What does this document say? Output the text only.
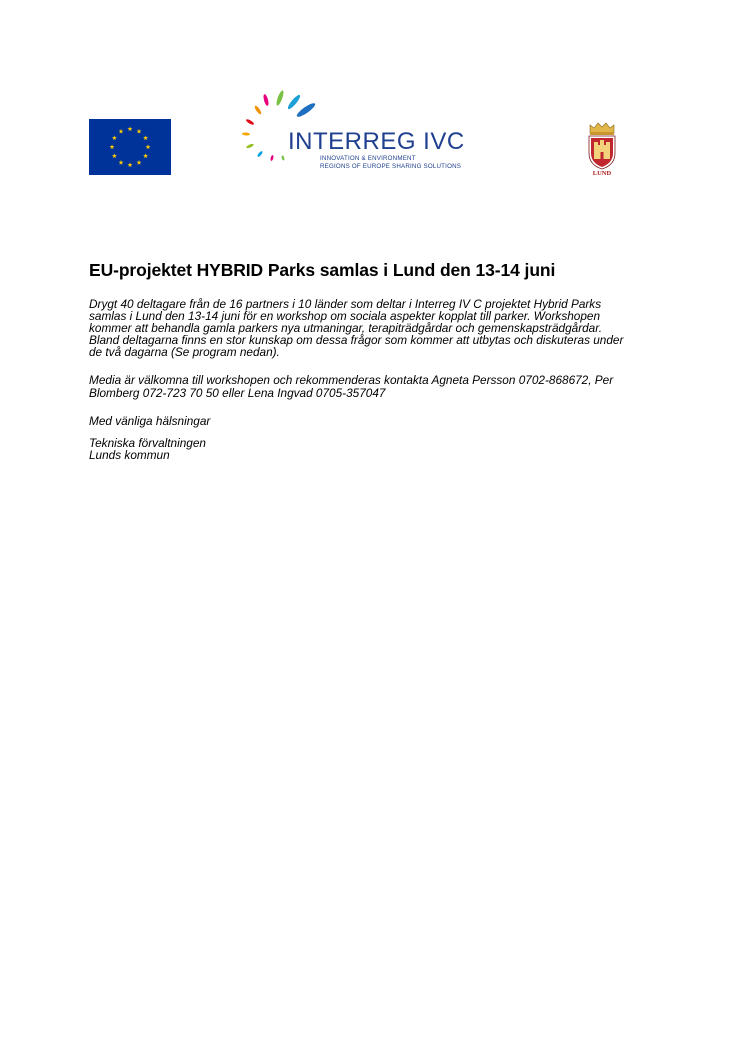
INTERREG IVC
INNOVATION & ENVIRONMENT
REGIONS OF EUROPE SHARING SOLUTIONS
LUND
EU-projektet HYBRID Parks samlas i Lund den 13-14 juni

Drygt 40 deltagare från de 16 partners i 10 länder som deltar i Interreg IV C projektet Hybrid Parks
samlas i Lund den 13-14 juni för en workshop om sociala aspekter kopplat till parker. Workshopen
kommer att behandla gamla parkers nya utmaningar, terapiträdgårdar och gemenskapsträdgårdar.
Bland deltagarna finns en stor kunskap om dessa frågor som kommer att utbytas och diskuteras under
de två dagarna (Se program nedan).

Media är välkomna till workshopen och rekommenderas kontakta Agneta Persson 0702-868672, Per
Blomberg 072-723 70 50 eller Lena Ingvad 0705-357047

Med vänliga hälsningar

Tekniska förvaltningen
Lunds kommun
